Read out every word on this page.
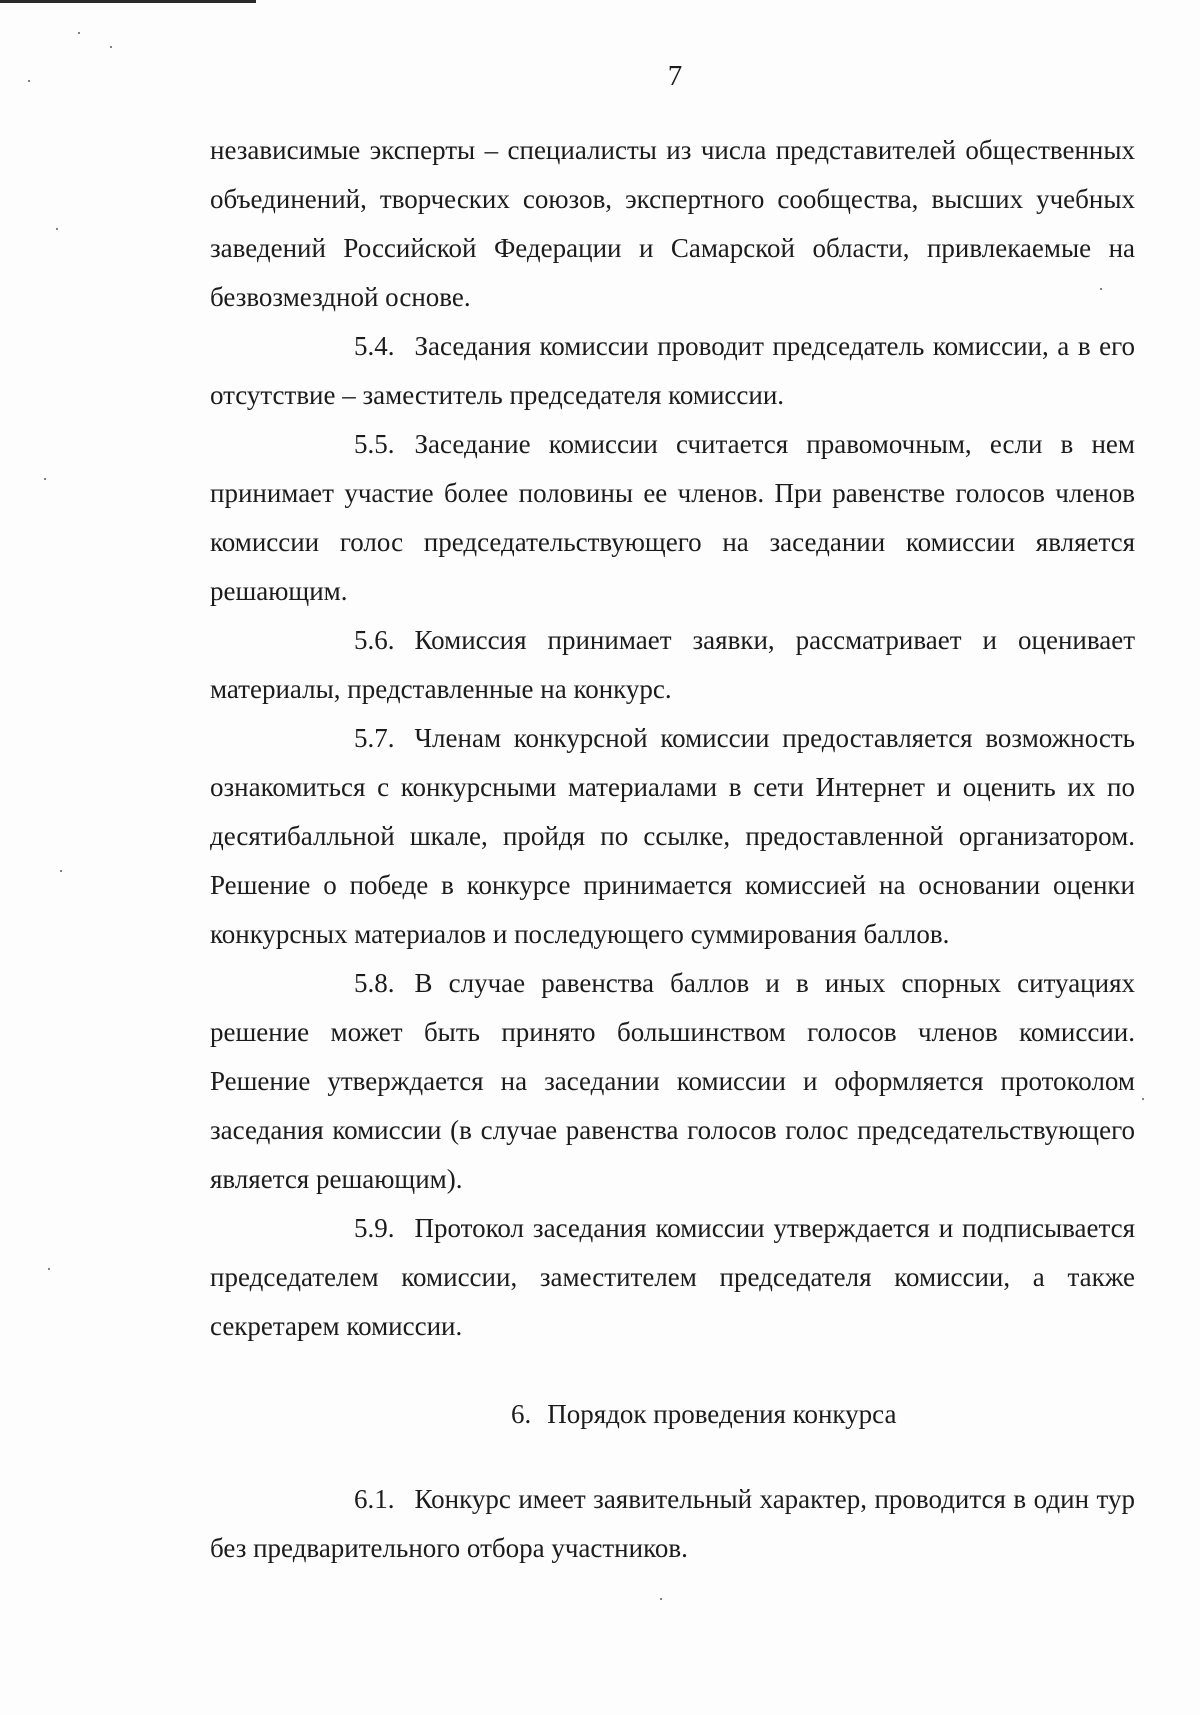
7

независимые эксперты – специалисты из числа представителей общественных объединений, творческих союзов, экспертного сообщества, высших учебных заведений Российской Федерации и Самарской области, привлекаемые на безвозмездной основе.

5.4. Заседания комиссии проводит председатель комиссии, а в его отсутствие – заместитель председателя комиссии.

5.5. Заседание комиссии считается правомочным, если в нем принимает участие более половины ее членов. При равенстве голосов членов комиссии голос председательствующего на заседании комиссии является решающим.

5.6. Комиссия принимает заявки, рассматривает и оценивает материалы, представленные на конкурс.

5.7. Членам конкурсной комиссии предоставляется возможность ознакомиться с конкурсными материалами в сети Интернет и оценить их по десятибалльной шкале, пройдя по ссылке, предоставленной организатором. Решение о победе в конкурсе принимается комиссией на основании оценки конкурсных материалов и последующего суммирования баллов.

5.8. В случае равенства баллов и в иных спорных ситуациях решение может быть принято большинством голосов членов комиссии. Решение утверждается на заседании комиссии и оформляется протоколом заседания комиссии (в случае равенства голосов голос председательствующего является решающим).

5.9. Протокол заседания комиссии утверждается и подписывается председателем комиссии, заместителем председателя комиссии, а также секретарем комиссии.

6. Порядок проведения конкурса

6.1. Конкурс имеет заявительный характер, проводится в один тур без предварительного отбора участников.
